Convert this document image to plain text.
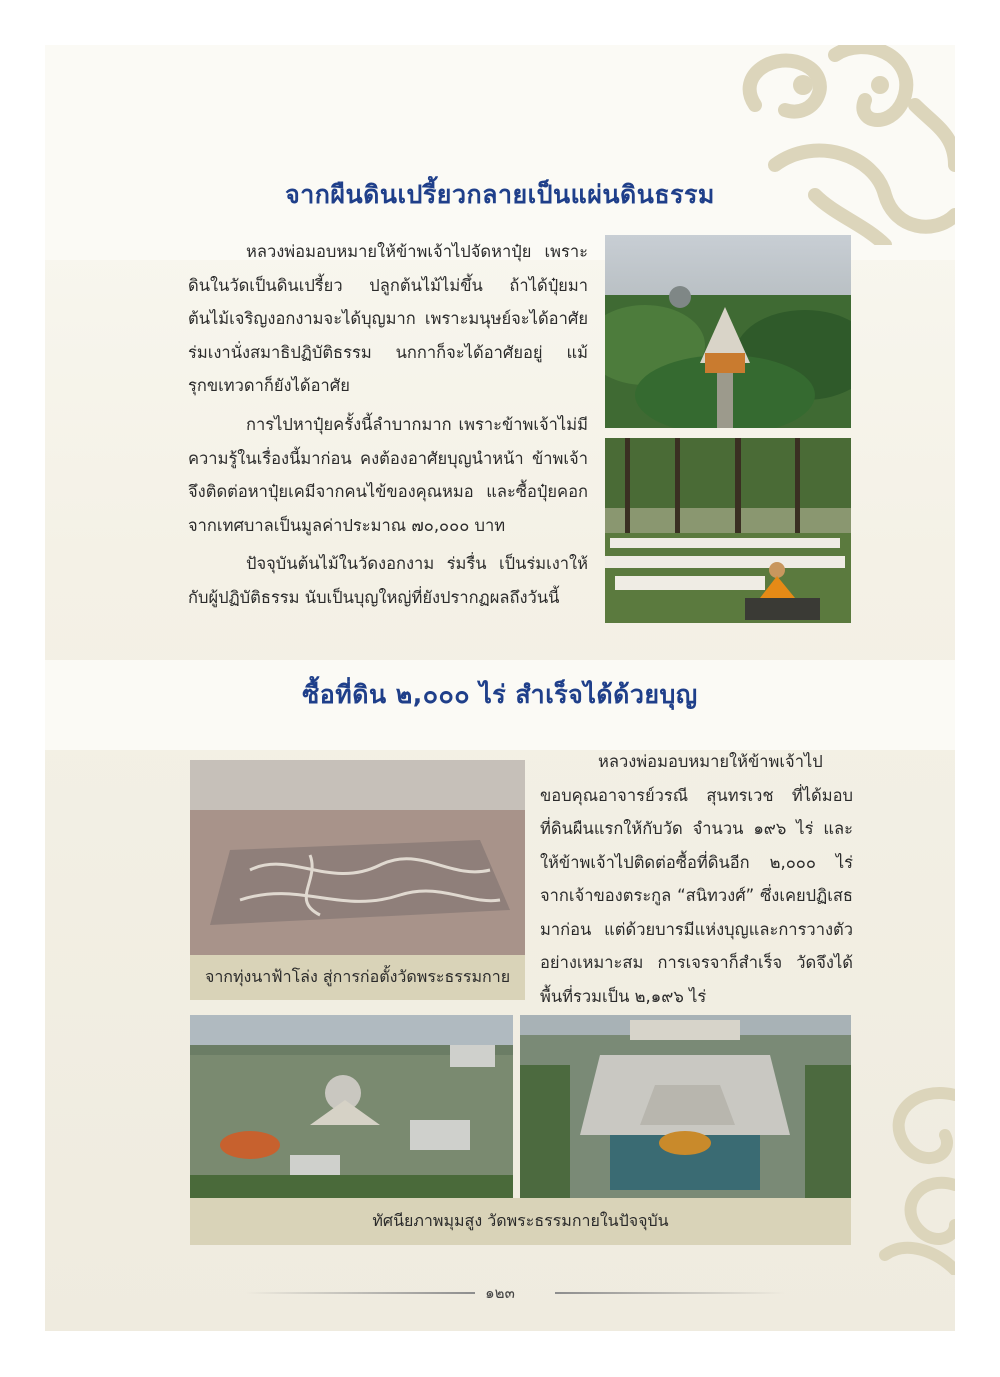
จากผืนดินเปรี้ยวกลายเป็นแผ่นดินธรรม

หลวงพ่อมอบหมายให้ข้าพเจ้าไปจัดหาปุ๋ย เพราะดินในวัดเป็นดินเปรี้ยว ปลูกต้นไม้ไม่ขึ้น ถ้าได้ปุ๋ยมา ต้นไม้เจริญงอกงามจะได้บุญมาก เพราะมนุษย์จะได้อาศัยร่มเงานั่งสมาธิปฏิบัติธรรม นกกาก็จะได้อาศัยอยู่ แม้รุกขเทวดาก็ยังได้อาศัย

การไปหาปุ๋ยครั้งนี้ลำบากมาก เพราะข้าพเจ้าไม่มีความรู้ในเรื่องนี้มาก่อน คงต้องอาศัยบุญนำหน้า ข้าพเจ้าจึงติดต่อหาปุ๋ยเคมีจากคนไข้ของคุณหมอ และซื้อปุ๋ยคอกจากเทศบาลเป็นมูลค่าประมาณ ๗๐,๐๐๐ บาท

ปัจจุบันต้นไม้ในวัดงอกงาม ร่มรื่น เป็นร่มเงาให้กับผู้ปฏิบัติธรรม นับเป็นบุญใหญ่ที่ยังปรากฏผลถึงวันนี้

ซื้อที่ดิน ๒,๐๐๐ ไร่ สำเร็จได้ด้วยบุญ
จากทุ่งนาฟ้าโล่ง สู่การก่อตั้งวัดพระธรรมกาย

หลวงพ่อมอบหมายให้ข้าพเจ้าไปขอบคุณอาจารย์วรณี สุนทรเวช ที่ได้มอบที่ดินผืนแรกให้กับวัด จำนวน ๑๙๖ ไร่ และให้ข้าพเจ้าไปติดต่อซื้อที่ดินอีก ๒,๐๐๐ ไร่ จากเจ้าของตระกูล “สนิทวงศ์” ซึ่งเคยปฏิเสธมาก่อน แต่ด้วยบารมีแห่งบุญและการวางตัวอย่างเหมาะสม การเจรจาก็สำเร็จ วัดจึงได้พื้นที่รวมเป็น ๒,๑๙๖ ไร่

ทัศนียภาพมุมสูง วัดพระธรรมกายในปัจจุบัน
๑๒๓
